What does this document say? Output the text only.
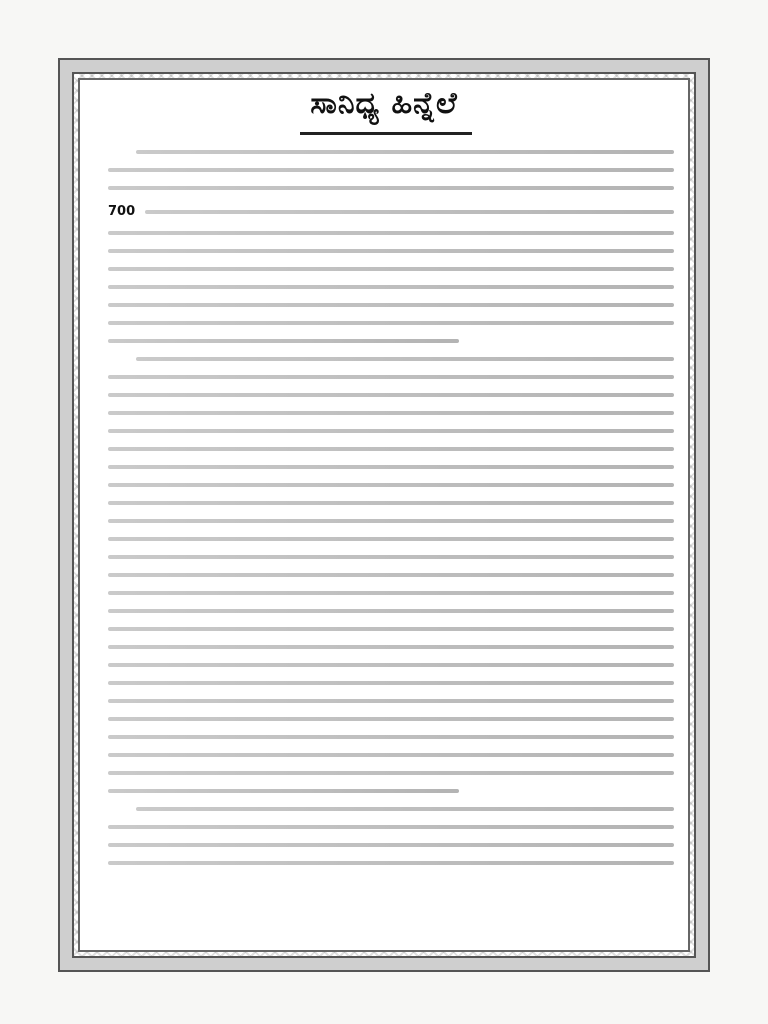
ಸಾನಿಧ್ಯ ಹಿನ್ನೆಲೆ
700
